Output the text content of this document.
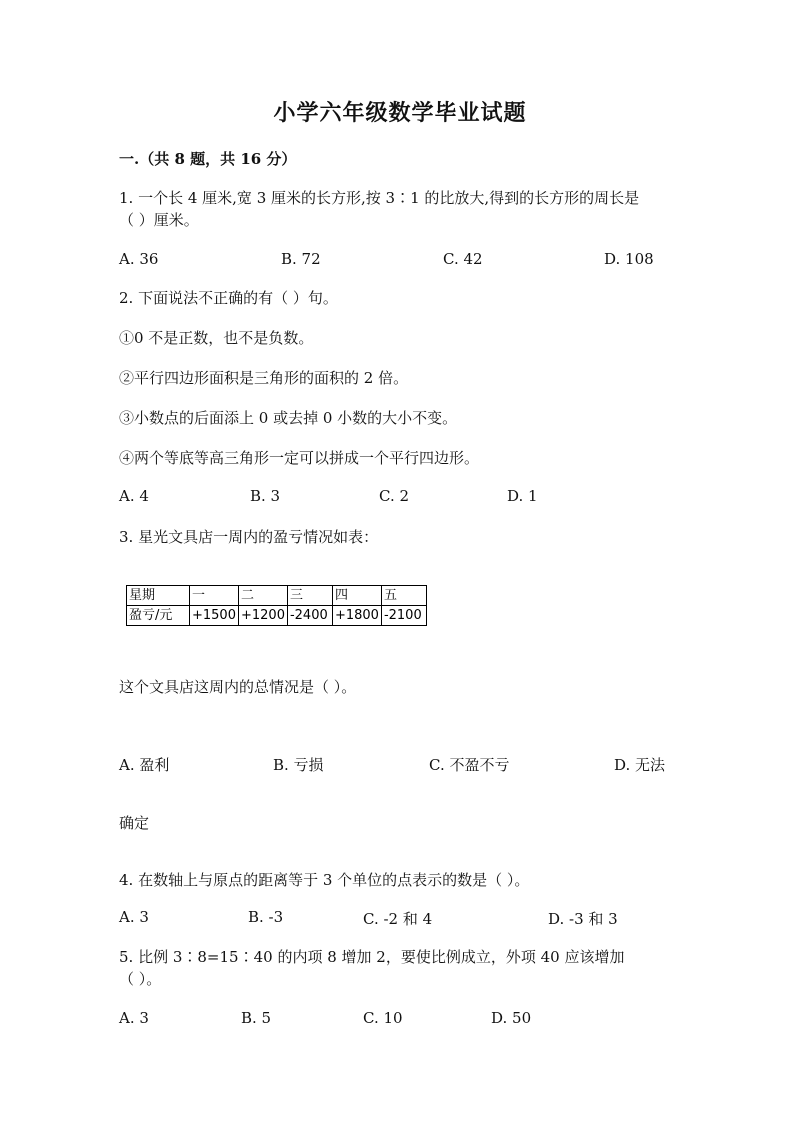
小学六年级数学毕业试题
一.（共 8 题，共 16 分）
1. 一个长 4 厘米,宽 3 厘米的长方形,按 3∶1 的比放大,得到的长方形的周长是
（ ）厘米。
A. 36	B. 72	C. 42	D. 108
2. 下面说法不正确的有（ ）句。
①0 不是正数，也不是负数。
②平行四边形面积是三角形的面积的 2 倍。
③小数点的后面添上 0 或去掉 0 小数的大小不变。
④两个等底等高三角形一定可以拼成一个平行四边形。
A. 4	B. 3	C. 2	D. 1
3. 星光文具店一周内的盈亏情况如表：
星期	一	二	三	四	五
盈亏/元	+1500	+1200	-2400	+1800	-2100
这个文具店这周内的总情况是（ ）。
A. 盈利	B. 亏损	C. 不盈不亏	D. 无法
确定
4. 在数轴上与原点的距离等于 3 个单位的点表示的数是（ ）。
A. 3	B. -3	C. -2 和 4	D. -3 和 3
5. 比例 3∶8=15∶40 的内项 8 增加 2，要使比例成立，外项 40 应该增加
（ ）。
A. 3	B. 5	C. 10	D. 50
